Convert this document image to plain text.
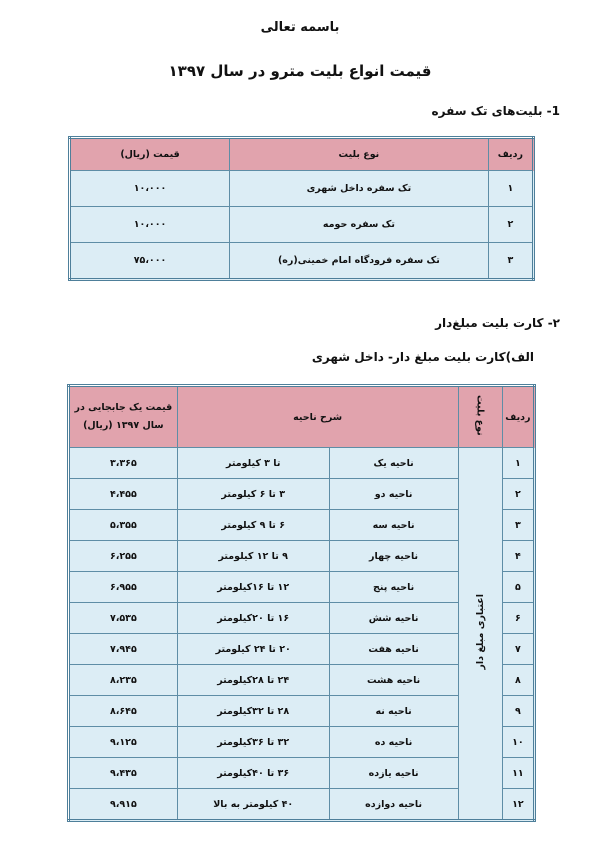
باسمه تعالی
قیمت انواع بلیت مترو در سال ۱۳۹۷
1- بلیت‌های تک سفره
ردیف	نوع بلیت	قیمت (ریال)
۱	تک سفره داخل شهری	۱۰،۰۰۰
۲	تک سفره حومه	۱۰،۰۰۰
۳	تک سفره فرودگاه امام خمینی(ره)	۷۵،۰۰۰
۲- کارت بلیت مبلغ‌دار
الف)کارت بلیت مبلغ دار- داخل شهری
ردیف	نوع بلیت	شرح ناحیه		قیمت یک جابجایی در سال ۱۳۹۷ (ریال)
۱	اعتباری مبلغ دار	ناحیه یک	تا ۳ کیلومتر	۳،۳۶۵
۲		ناحیه دو	۳ تا ۶ کیلومتر	۴،۴۵۵
۳		ناحیه سه	۶ تا ۹ کیلومتر	۵،۳۵۵
۴		ناحیه چهار	۹ تا ۱۲ کیلومتر	۶،۲۵۵
۵		ناحیه پنج	۱۲ تا ۱۶کیلومتر	۶،۹۵۵
۶		ناحیه شش	۱۶ تا ۲۰کیلومتر	۷،۵۳۵
۷		ناحیه هفت	۲۰ تا ۲۴ کیلومتر	۷،۹۴۵
۸		ناحیه هشت	۲۴ تا ۲۸کیلومتر	۸،۲۳۵
۹		ناحیه نه	۲۸ تا ۳۲کیلومتر	۸،۶۴۵
۱۰		ناحیه ده	۳۲ تا ۳۶کیلومتر	۹،۱۲۵
۱۱		ناحیه یازده	۳۶ تا ۴۰کیلومتر	۹،۴۳۵
۱۲		ناحیه دوازده	۴۰ کیلومتر به بالا	۹،۹۱۵
